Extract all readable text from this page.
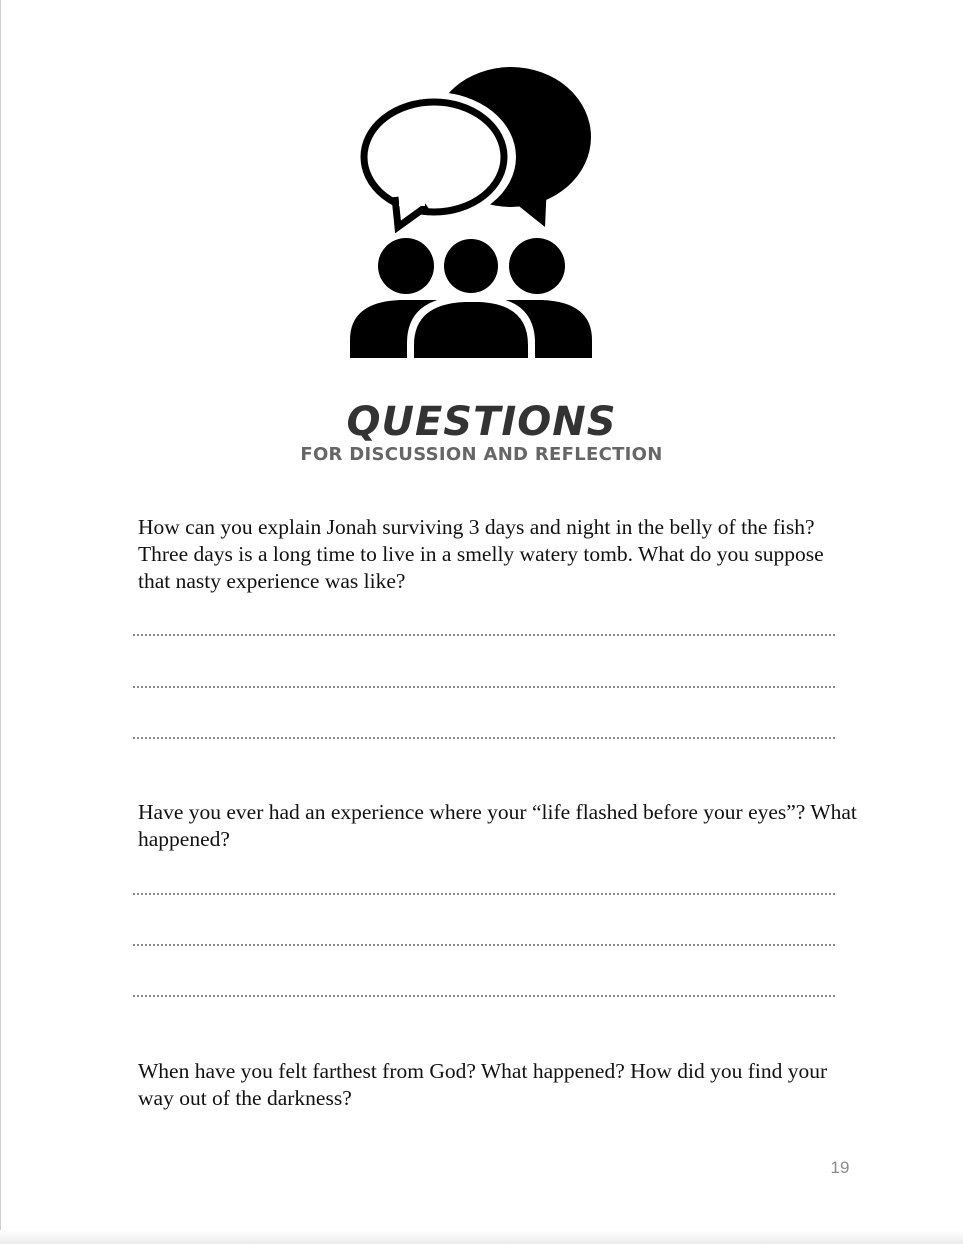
QUESTIONS
FOR DISCUSSION AND REFLECTION

How can you explain Jonah surviving 3 days and night in the belly of the fish? Three days is a long time to live in a smelly watery tomb. What do you suppose that nasty experience was like?

Have you ever had an experience where your “life flashed before your eyes”? What happened?

When have you felt farthest from God? What happened? How did you find your way out of the darkness?

19
